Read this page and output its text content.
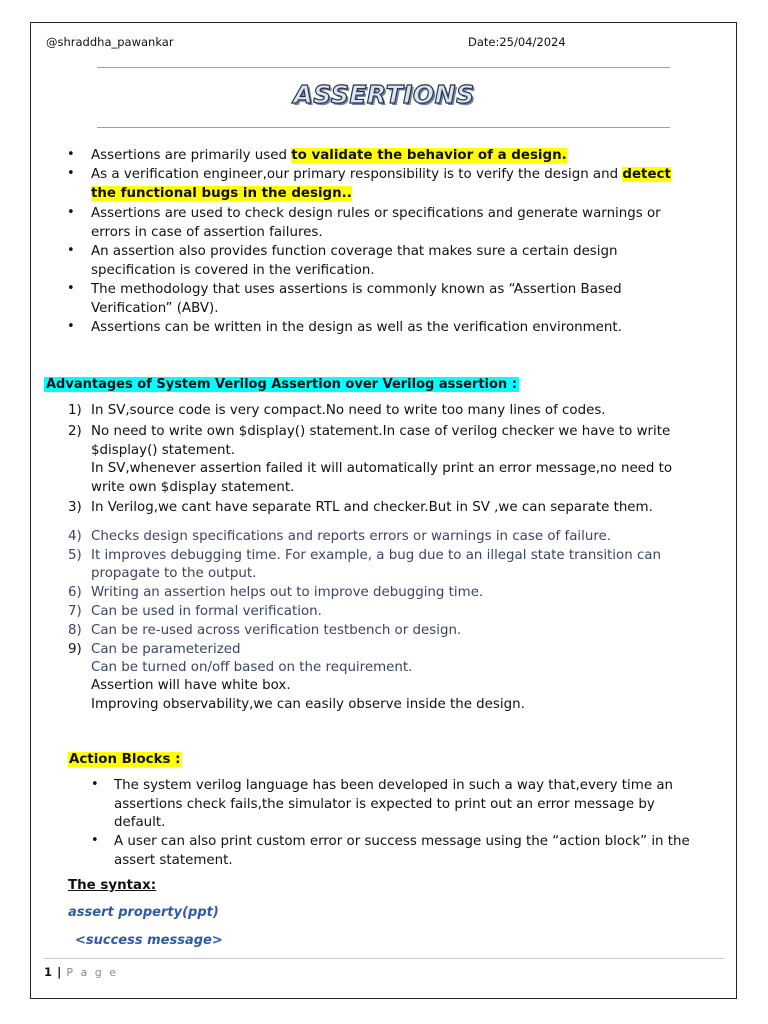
@shraddha_pawankar	Date:25/04/2024
ASSERTIONS
• Assertions are primarily used to validate the behavior of a design.
• As a verification engineer,our primary responsibility is to verify the design and detect
the functional bugs in the design..
• Assertions are used to check design rules or specifications and generate warnings or
errors in case of assertion failures.
• An assertion also provides function coverage that makes sure a certain design
specification is covered in the verification.
• The methodology that uses assertions is commonly known as “Assertion Based
Verification” (ABV).
• Assertions can be written in the design as well as the verification environment.
Advantages of System Verilog Assertion over Verilog assertion :
1) In SV,source code is very compact.No need to write too many lines of codes.
2) No need to write own $display() statement.In case of verilog checker we have to write
$display() statement.
In SV,whenever assertion failed it will automatically print an error message,no need to
write own $display statement.
3) In Verilog,we cant have separate RTL and checker.But in SV ,we can separate them.
4) Checks design specifications and reports errors or warnings in case of failure.
5) It improves debugging time. For example, a bug due to an illegal state transition can
propagate to the output.
6) Writing an assertion helps out to improve debugging time.
7) Can be used in formal verification.
8) Can be re-used across verification testbench or design.
9) Can be parameterized
Can be turned on/off based on the requirement.
Assertion will have white box.
Improving observability,we can easily observe inside the design.
Action Blocks :
• The system verilog language has been developed in such a way that,every time an
assertions check fails,the simulator is expected to print out an error message by
default.
• A user can also print custom error or success message using the “action block” in the
assert statement.
The syntax:
assert property(ppt)
<success message>
1 | P a g e
